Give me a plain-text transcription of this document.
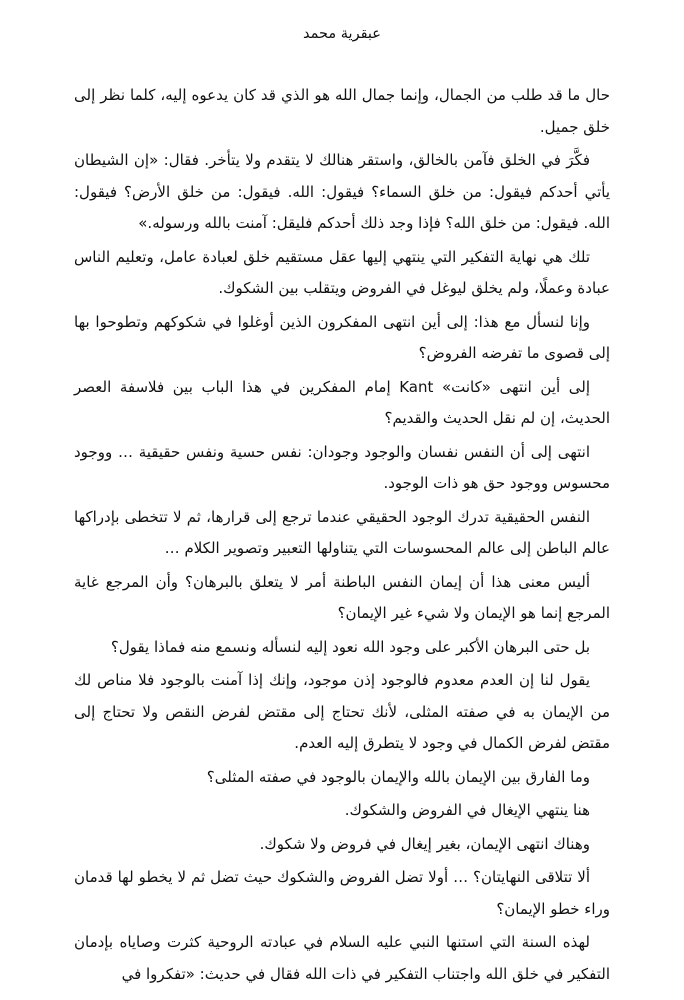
عبقرية محمد

حال ما قد طلب من الجمال، وإنما جمال الله هو الذي قد كان يدعوه إليه، كلما نظر إلى خلق جميل.

فكَّرَ في الخلق فآمن بالخالق، واستقر هنالك لا يتقدم ولا يتأخر. فقال: «إن الشيطان يأتي أحدكم فيقول: من خلق السماء؟ فيقول: الله. فيقول: من خلق الأرض؟ فيقول: الله. فيقول: من خلق الله؟ فإذا وجد ذلك أحدكم فليقل: آمنت بالله ورسوله.»

تلك هي نهاية التفكير التي ينتهي إليها عقل مستقيم خلق لعبادة عامل، وتعليم الناس عبادة وعملًا، ولم يخلق ليوغل في الفروض ويتقلب بين الشكوك.

وإنا لنسأل مع هذا: إلى أين انتهى المفكرون الذين أوغلوا في شكوكهم وتطوحوا بها إلى قصوى ما تفرضه الفروض؟

إلى أين انتهى «كانت» Kant إمام المفكرين في هذا الباب بين فلاسفة العصر الحديث، إن لم نقل الحديث والقديم؟

انتهى إلى أن النفس نفسان والوجود وجودان: نفس حسية ونفس حقيقية … ووجود محسوس ووجود حق هو ذات الوجود.

النفس الحقيقية تدرك الوجود الحقيقي عندما ترجع إلى قرارها، ثم لا تتخطى بإدراكها عالم الباطن إلى عالم المحسوسات التي يتناولها التعبير وتصوير الكلام …

أليس معنى هذا أن إيمان النفس الباطنة أمر لا يتعلق بالبرهان؟ وأن المرجع غاية المرجع إنما هو الإيمان ولا شيء غير الإيمان؟

بل حتى البرهان الأكبر على وجود الله نعود إليه لنسأله ونسمع منه فماذا يقول؟

يقول لنا إن العدم معدوم فالوجود إذن موجود، وإنك إذا آمنت بالوجود فلا مناص لك من الإيمان به في صفته المثلى، لأنك تحتاج إلى مقتض لفرض النقص ولا تحتاج إلى مقتض لفرض الكمال في وجود لا يتطرق إليه العدم.

وما الفارق بين الإيمان بالله والإيمان بالوجود في صفته المثلى؟

هنا ينتهي الإيغال في الفروض والشكوك.

وهناك انتهى الإيمان، بغير إيغال في فروض ولا شكوك.

ألا تتلاقى النهايتان؟ … أولا تضل الفروض والشكوك حيث تضل ثم لا يخطو لها قدمان وراء خطو الإيمان؟

لهذه السنة التي استنها النبي عليه السلام في عبادته الروحية كثرت وصاياه بإدمان التفكير في خلق الله واجتناب التفكير في ذات الله فقال في حديث: «تفكروا في
